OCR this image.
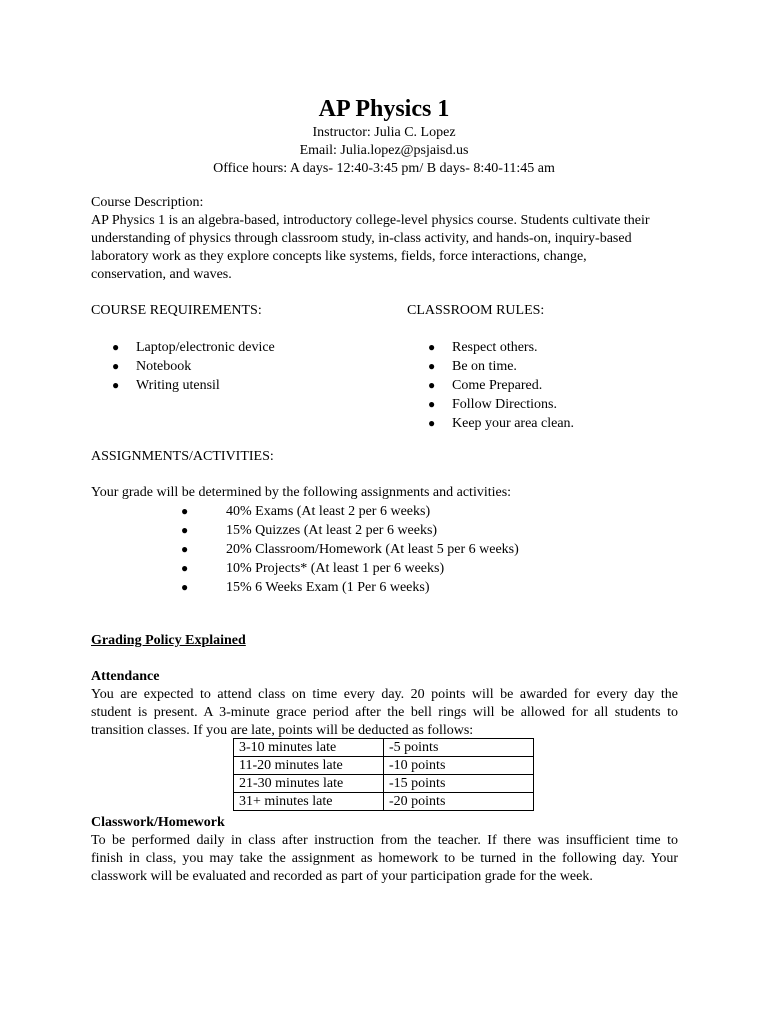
AP Physics 1
Instructor: Julia C. Lopez
Email: Julia.lopez@psjaisd.us
Office hours: A days- 12:40-3:45 pm/ B days- 8:40-11:45 am
Course Description:
AP Physics 1 is an algebra-based, introductory college-level physics course. Students cultivate their
understanding of physics through classroom study, in-class activity, and hands-on, inquiry-based
laboratory work as they explore concepts like systems, fields, force interactions, change,
conservation, and waves.
COURSE REQUIREMENTS:	CLASSROOM RULES:
● Laptop/electronic device
● Notebook
● Writing utensil
● Respect others.
● Be on time.
● Come Prepared.
● Follow Directions.
● Keep your area clean.
ASSIGNMENTS/ACTIVITIES:
Your grade will be determined by the following assignments and activities:
●	40% Exams (At least 2 per 6 weeks)
●	15% Quizzes (At least 2 per 6 weeks)
●	20% Classroom/Homework (At least 5 per 6 weeks)
●	10% Projects* (At least 1 per 6 weeks)
●	15% 6 Weeks Exam (1 Per 6 weeks)
Grading Policy Explained
Attendance
You are expected to attend class on time every day. 20 points will be awarded for every day the
student is present. A 3-minute grace period after the bell rings will be allowed for all students to
transition classes. If you are late, points will be deducted as follows:
3-10 minutes late	-5 points
11-20 minutes late	-10 points
21-30 minutes late	-15 points
31+ minutes late	-20 points
Classwork/Homework
To be performed daily in class after instruction from the teacher. If there was insufficient time to
finish in class, you may take the assignment as homework to be turned in the following day. Your
classwork will be evaluated and recorded as part of your participation grade for the week.
